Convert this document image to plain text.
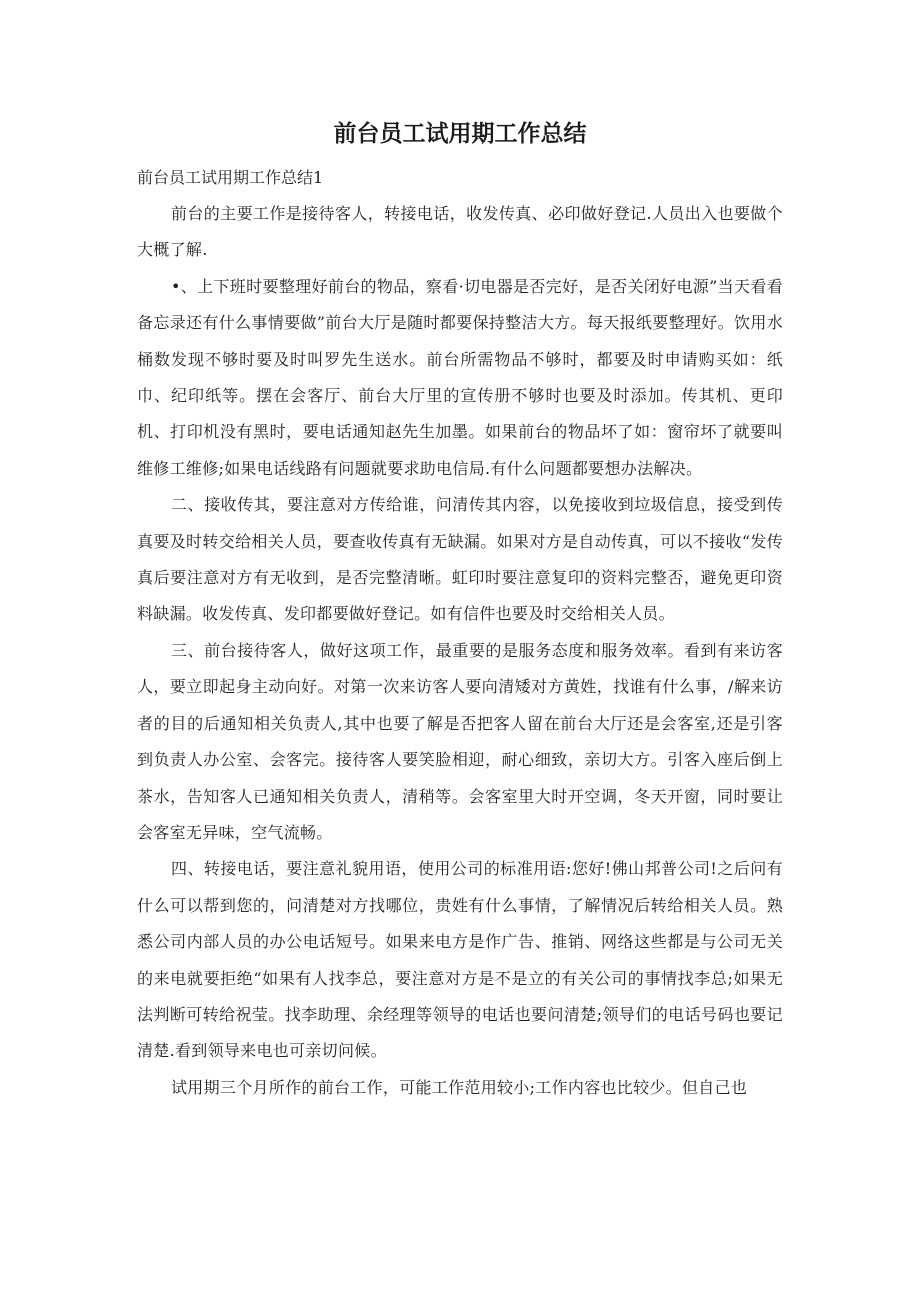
前台员工试用期工作总结

前台员工试用期工作总结1

前台的主要工作是接待客人，转接电话，收发传真、必印做好登记.人员出入也要做个大概了解.

•、上下班时要整理好前台的物品，察看·切电器是否完好，是否关闭好电源”当天看看备忘录还有什么事情要做”前台大厅是随时都要保持整洁大方。每天报纸要整理好。饮用水桶数发现不够时要及时叫罗先生送水。前台所需物品不够时，都要及时申请购买如：纸巾、纪印纸等。摆在会客厅、前台大厅里的宣传册不够时也要及时添加。传其机、更印机、打印机没有黑时，要电话通知赵先生加墨。如果前台的物品坏了如：窗帘坏了就要叫维修工维修;如果电话线路有问题就要求助电信局.有什么问题都要想办法解决。

二、接收传其，要注意对方传给谁，问清传其内容，以免接收到垃圾信息，接受到传真要及时转交给相关人员，要查收传真有无缺漏。如果对方是自动传真，可以不接收“发传真后要注意对方有无收到，是否完整清晰。虹印时要注意复印的资料完整否，避免更印资料缺漏。收发传真、发印都要做好登记。如有信件也要及时交给相关人员。

三、前台接待客人，做好这项工作，最重要的是服务态度和服务效率。看到有来访客人，要立即起身主动向好。对第一次来访客人要向清矮对方黄姓，找谁有什么事，/解来访者的目的后通知相关负责人,其中也要了解是否把客人留在前台大厅还是会客室,还是引客到负责人办公室、会客完。接待客人要笑脸相迎，耐心细致，亲切大方。引客入座后倒上茶水，告知客人已通知相关负责人，清稍等。会客室里大时开空调，冬天开窗，同时要让会客室无异味，空气流畅。

四、转接电话，要注意礼貌用语，使用公司的标准用语:您好!佛山邦普公司!之后问有什么可以帮到您的，问清楚对方找哪位，贵姓有什么事情，了解情况后转给相关人员。熟悉公司内部人员的办公电话短号。如果来电方是作广告、推销、网络这些都是与公司无关的来电就要拒绝“如果有人找李总，要注意对方是不是立的有关公司的事情找李总;如果无法判断可转给祝莹。找李助理、余经理等领导的电话也要问清楚;领导们的电话号码也要记清楚.看到领导来电也可亲切问候。

试用期三个月所作的前台工作，可能工作范用较小;工作内容也比较少。但自己也
